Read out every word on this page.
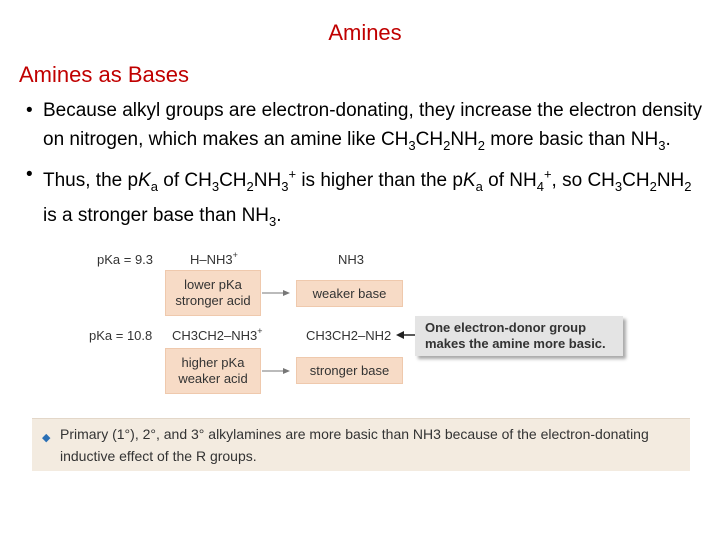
Amines
Amines as Bases
• Because alkyl groups are electron-donating, they increase the electron density on nitrogen, which makes an amine like $CH_3CH_2NH_2$ more basic than $NH_3$.
• Thus, the $pK_a$ of $CH_3CH_2NH_3^+$ is higher than the $pK_a$ of $NH_4^+$, so $CH_3CH_2NH_2$ is a stronger base than $NH_3$.
pKa = 9.3	H–NH3+	NH3
lower pKa
stronger acid	weaker base
pKa = 10.8 CH3CH2–NH3+	CH3CH2–NH2
higher pKa
weaker acid
stronger base
One electron-donor group
makes the amine more basic.
◆ Primary (1°), 2°, and 3° alkylamines are more basic than NH3 because of the electron-donating inductive effect of the R groups.
